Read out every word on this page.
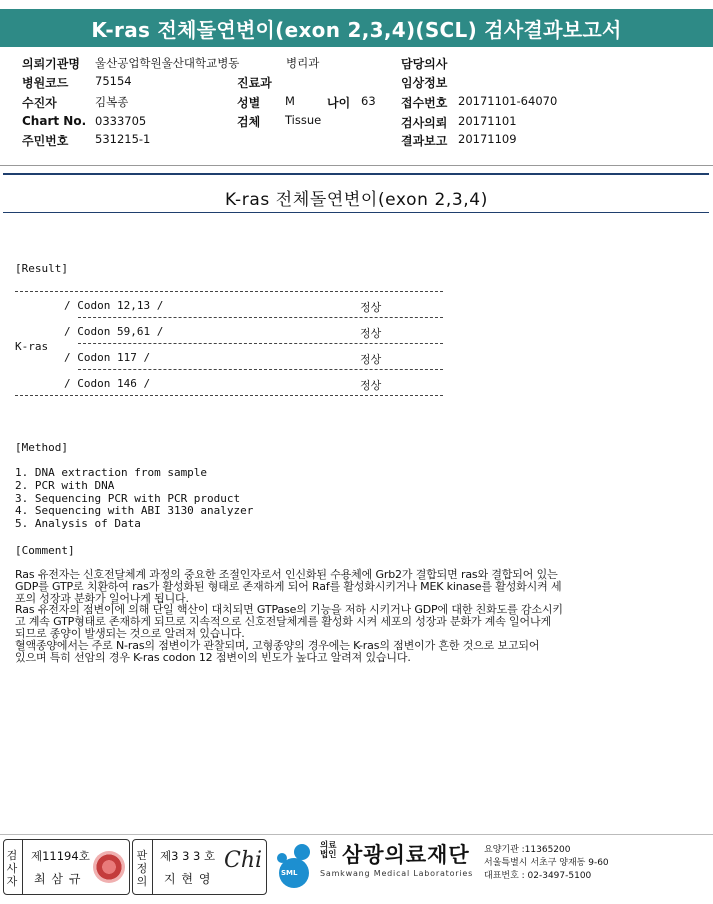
K-ras 전체돌연변이(exon 2,3,4)(SCL) 검사결과보고서
의뢰기관명 울산공업학원울산대학교병동	병리과	담당의사
병원코드 75154	진료과	임상정보
수진자	김복종	성별 M	나이 63 접수번호 20171101-64070
Chart No. 0333705	검체 Tissue	검사의뢰 20171101
주민번호 531215-1	결과보고 20171109
K-ras 전체돌연변이(exon 2,3,4)
[Result]
K-ras
/ Codon 12,13 /	정상
/ Codon 59,61 /	정상
/ Codon 117 /	정상
/ Codon 146 /	정상
[Method]
1. DNA extraction from sample
2. PCR with DNA
3. Sequencing PCR with PCR product
4. Sequencing with ABI 3130 analyzer
5. Analysis of Data
[Comment]

Ras 유전자는 신호전달체계 과정의 중요한 조절인자로서 인신화된 수용체에 Grb2가 결합되면 ras와 결합되어 있는

GDP를 GTP로 치환하여 ras가 활성화된 형태로 존재하게 되어 Raf를 활성화시키거나 MEK kinase를 활성화시켜 세

포의 성장과 분화가 일어나게 됩니다.

Ras 유전자의 점변이에 의해 단일 핵산이 대치되면 GTPase의 기능을 저하 시키거나 GDP에 대한 친화도를 감소시키

고 계속 GTP형태로 존재하게 되므로 지속적으로 신호전달체계를 활성화 시켜 세포의 성장과 분화가 계속 일어나게

되므로 종양이 발생되는 것으로 알려져 있습니다.

혈액종양에서는 주로 N-ras의 점변이가 관찰되며, 고형종양의 경우에는 K-ras의 점변이가 흔한 것으로 보고되어

있으며 특히 선암의 경우 K-ras codon 12 점변이의 빈도가 높다고 알려져 있습니다.

검사자
제11194호
최 삼 규
판정의
제3 3 3 호
지 현 영
Chi	SML
의료
법인 삼광의료재단
Samkwang Medical Laboratories
요양기관 :11365200
서울특별시 서초구 양재동 9-60
대표번호 : 02-3497-5100
